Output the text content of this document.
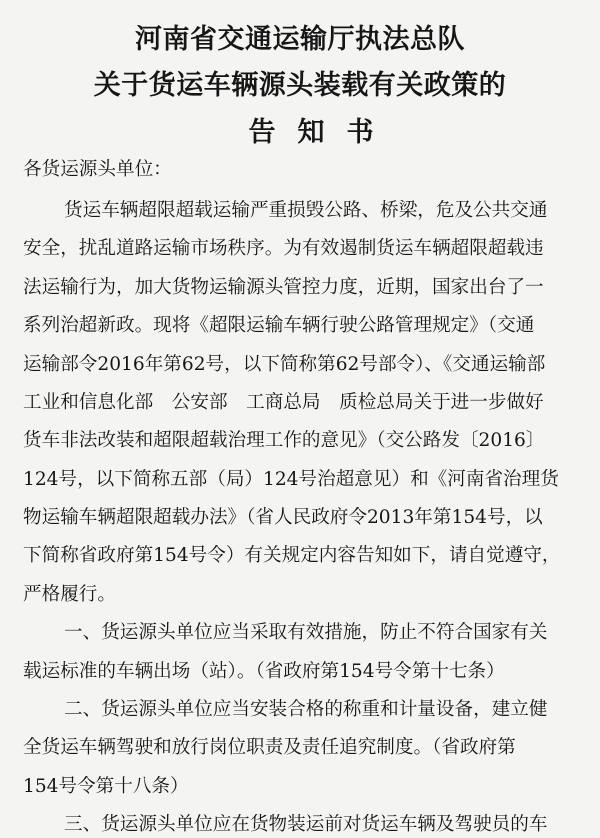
河南省交通运输厅执法总队
关于货运车辆源头装载有关政策的
告知书
各货运源头单位：
货运车辆超限超载运输严重损毁公路、桥梁，危及公共交通
安全，扰乱道路运输市场秩序。为有效遏制货运车辆超限超载违
法运输行为，加大货物运输源头管控力度，近期，国家出台了一
系列治超新政。现将《超限运输车辆行驶公路管理规定》（交通
运输部令2016年第62号，以下简称第62号部令）、《交通运输部
工业和信息化部　公安部　工商总局　质检总局关于进一步做好
货车非法改装和超限超载治理工作的意见》（交公路发〔2016〕
124号，以下简称五部（局）124号治超意见）和《河南省治理货
物运输车辆超限超载办法》（省人民政府令2013年第154号，以
下简称省政府第154号令）有关规定内容告知如下，请自觉遵守，
严格履行。
一、货运源头单位应当采取有效措施，防止不符合国家有关
载运标准的车辆出场（站）。（省政府第154号令第十七条）
二、货运源头单位应当安装合格的称重和计量设备，建立健
全货运车辆驾驶和放行岗位职责及责任追究制度。（省政府第
154号令第十八条）
三、货运源头单位应在货物装运前对货运车辆及驾驶员的车
